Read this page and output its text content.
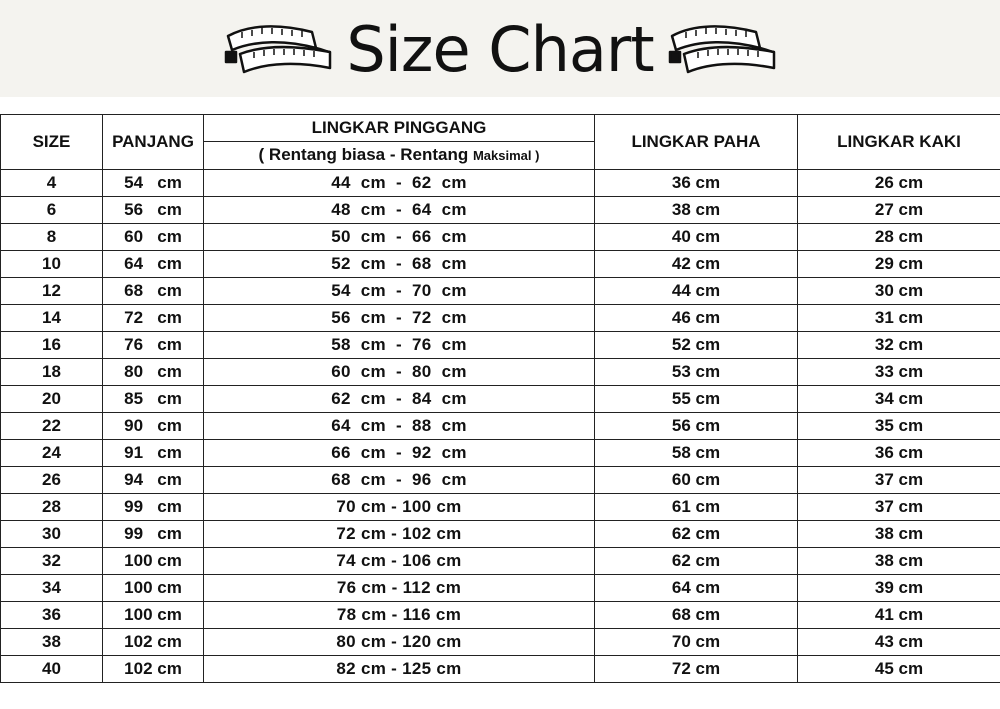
Size Chart
SIZE	PANJANG	LINGKAR PINGGANG	LINGKAR PAHA	LINGKAR KAKI
		( Rentang biasa - Rentang Maksimal )		
4	54   cm	44  cm  -  62  cm	36 cm	26 cm
6	56   cm	48  cm  -  64  cm	38 cm	27 cm
8	60   cm	50  cm  -  66  cm	40 cm	28 cm
10	64   cm	52  cm  -  68  cm	42 cm	29 cm
12	68   cm	54  cm  -  70  cm	44 cm	30 cm
14	72   cm	56  cm  -  72  cm	46 cm	31 cm
16	76   cm	58  cm  -  76  cm	52 cm	32 cm
18	80   cm	60  cm  -  80  cm	53 cm	33 cm
20	85   cm	62  cm  -  84  cm	55 cm	34 cm
22	90   cm	64  cm  -  88  cm	56 cm	35 cm
24	91   cm	66  cm  -  92  cm	58 cm	36 cm
26	94   cm	68  cm  -  96  cm	60 cm	37 cm
28	99   cm	70 cm - 100 cm	61 cm	37 cm
30	99   cm	72 cm - 102 cm	62 cm	38 cm
32	100 cm	74 cm - 106 cm	62 cm	38 cm
34	100 cm	76 cm - 112 cm	64 cm	39 cm
36	100 cm	78 cm - 116 cm	68 cm	41 cm
38	102 cm	80 cm - 120 cm	70 cm	43 cm
40	102 cm	82 cm - 125 cm	72 cm	45 cm
